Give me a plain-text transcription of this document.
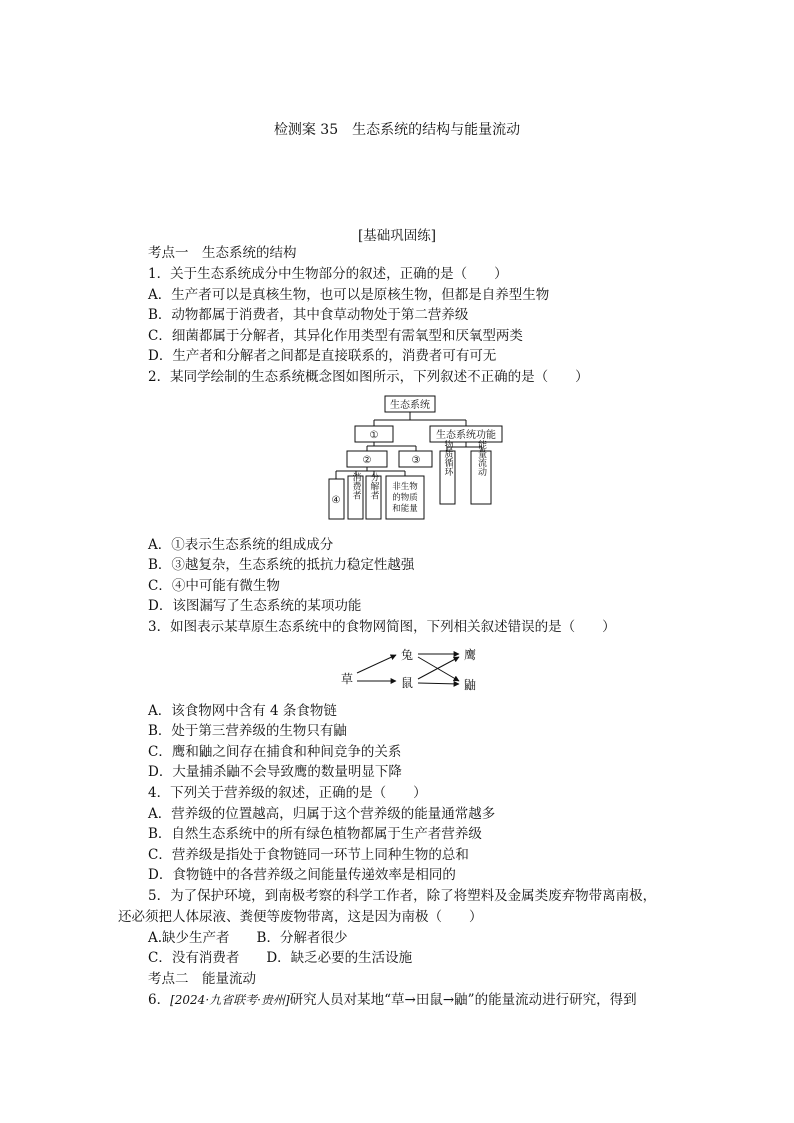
检测案 35　生态系统的结构与能量流动
[基础巩固练]
考点一　生态系统的结构
1．关于生态系统成分中生物部分的叙述，正确的是（　　）
A．生产者可以是真核生物，也可以是原核生物，但都是自养型生物
B．动物都属于消费者，其中食草动物处于第二营养级
C．细菌都属于分解者，其异化作用类型有需氧型和厌氧型两类
D．生产者和分解者之间都是直接联系的，消费者可有可无
2．某同学绘制的生态系统概念图如图所示，下列叙述不正确的是（　　）
生态系统
①	生态系统功能
②	③
④
消费者 分解者 非生物
的物质
和能量
物质循环	能量流动
A．①表示生态系统的组成成分
B．③越复杂，生态系统的抵抗力稳定性越强
C．④中可能有微生物
D．该图漏写了生态系统的某项功能
3．如图表示某草原生态系统中的食物网简图，下列相关叙述错误的是（　　）
草
兔
鼠
鹰
鼬
A．该食物网中含有 4 条食物链
B．处于第三营养级的生物只有鼬
C．鹰和鼬之间存在捕食和种间竞争的关系
D．大量捕杀鼬不会导致鹰的数量明显下降
4．下列关于营养级的叙述，正确的是（　　）
A．营养级的位置越高，归属于这个营养级的能量通常越多
B．自然生态系统中的所有绿色植物都属于生产者营养级
C．营养级是指处于食物链同一环节上同种生物的总和
D．食物链中的各营养级之间能量传递效率是相同的
5．为了保护环境，到南极考察的科学工作者，除了将塑料及金属类废弃物带离南极，
还必须把人体尿液、粪便等废物带离，这是因为南极（　　）
A.缺少生产者　　B．分解者很少
C．没有消费者　　D．缺乏必要的生活设施
考点二　能量流动
6．[2024·九省联考·贵州]研究人员对某地“草→田鼠→鼬”的能量流动进行研究，得到
